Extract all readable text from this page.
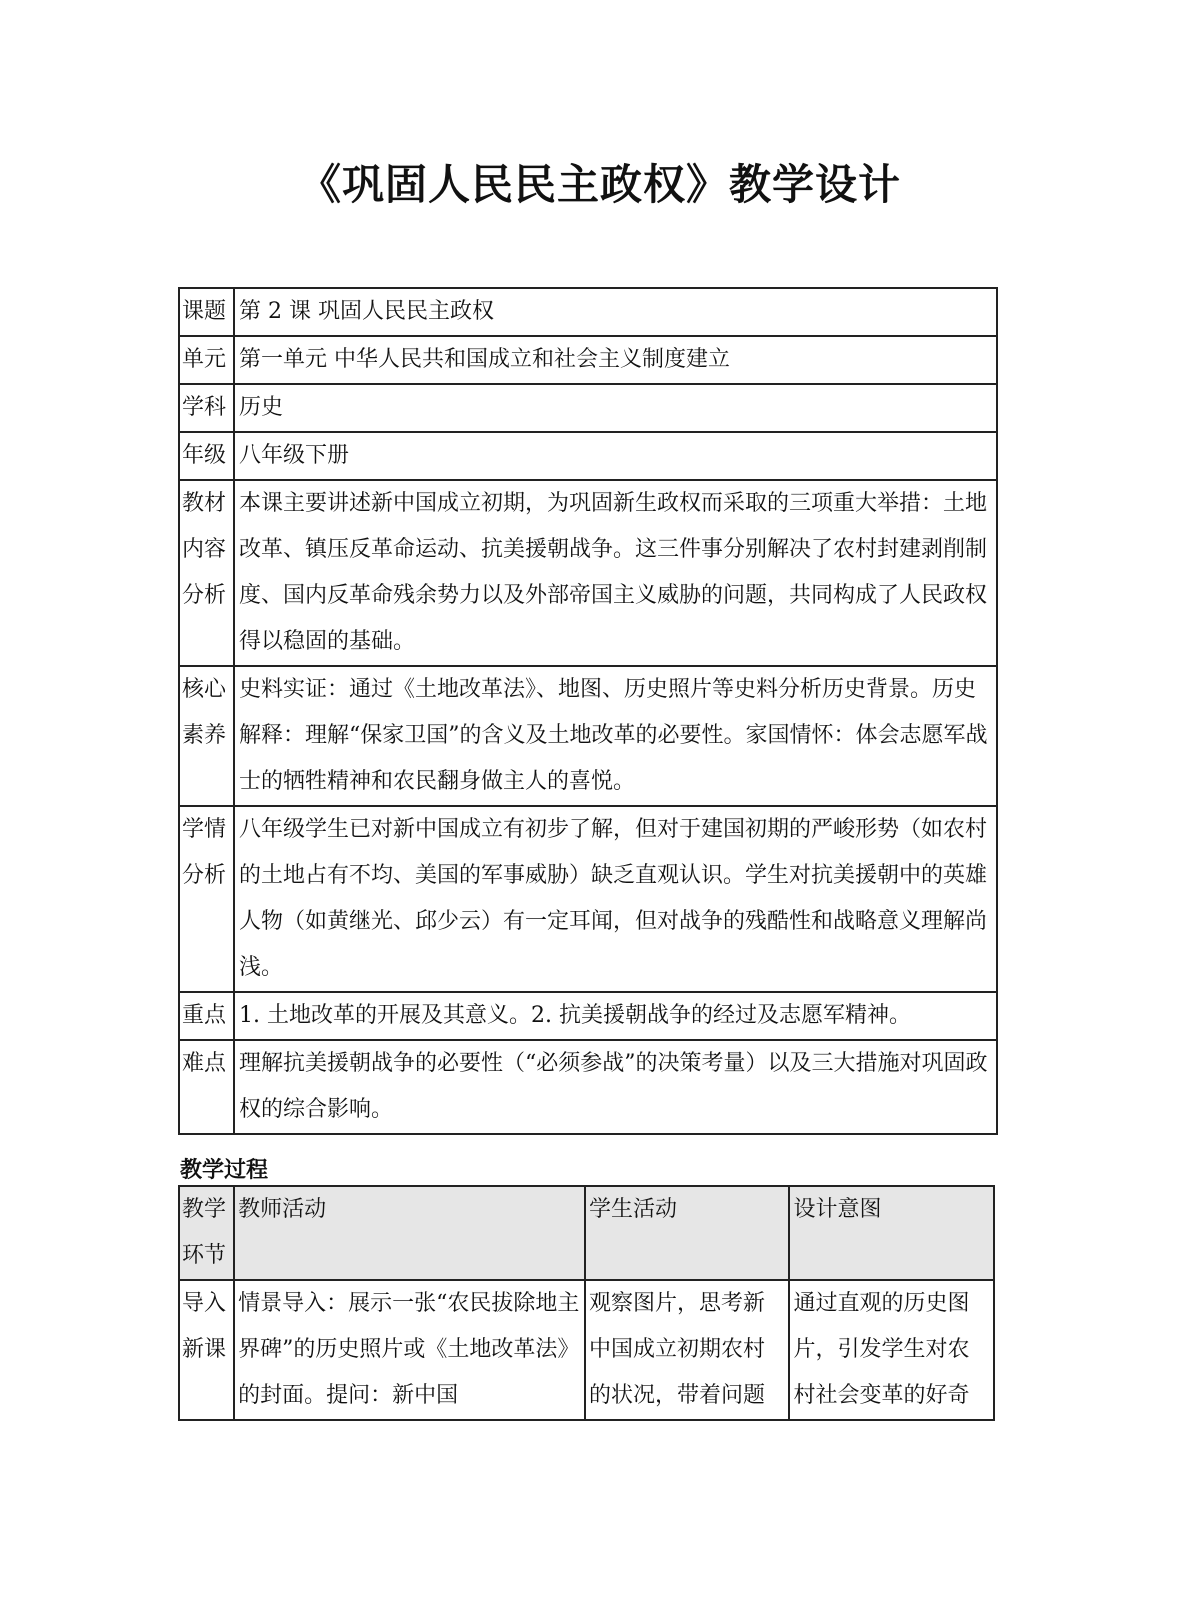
《巩固人民民主政权》教学设计
课题	第 2 课 巩固人民民主政权
单元	第一单元 中华人民共和国成立和社会主义制度建立
学科	历史
年级	八年级下册
教材内容分析	本课主要讲述新中国成立初期，为巩固新生政权而采取的三项重大举措：土地改革、镇压反革命运动、抗美援朝战争。这三件事分别解决了农村封建剥削制度、国内反革命残余势力以及外部帝国主义威胁的问题，共同构成了人民政权得以稳固的基础。
核心素养	史料实证：通过《土地改革法》、地图、历史照片等史料分析历史背景。历史解释：理解“保家卫国”的含义及土地改革的必要性。家国情怀：体会志愿军战士的牺牲精神和农民翻身做主人的喜悦。
学情分析	八年级学生已对新中国成立有初步了解，但对于建国初期的严峻形势（如农村的土地占有不均、美国的军事威胁）缺乏直观认识。学生对抗美援朝中的英雄人物（如黄继光、邱少云）有一定耳闻，但对战争的残酷性和战略意义理解尚浅。
重点	1. 土地改革的开展及其意义。2. 抗美援朝战争的经过及志愿军精神。
难点	理解抗美援朝战争的必要性（“必须参战”的决策考量）以及三大措施对巩固政权的综合影响。
教学过程
教学环节	教师活动	学生活动	设计意图

导入新课	情景导入：展示一张“农民拔除地主界碑”的历史照片或《土地改革法》的封面。提问：新中国	观察图片，思考新中国成立初期农村的状况，带着问题	通过直观的历史图片，引发学生对农村社会变革的好奇
